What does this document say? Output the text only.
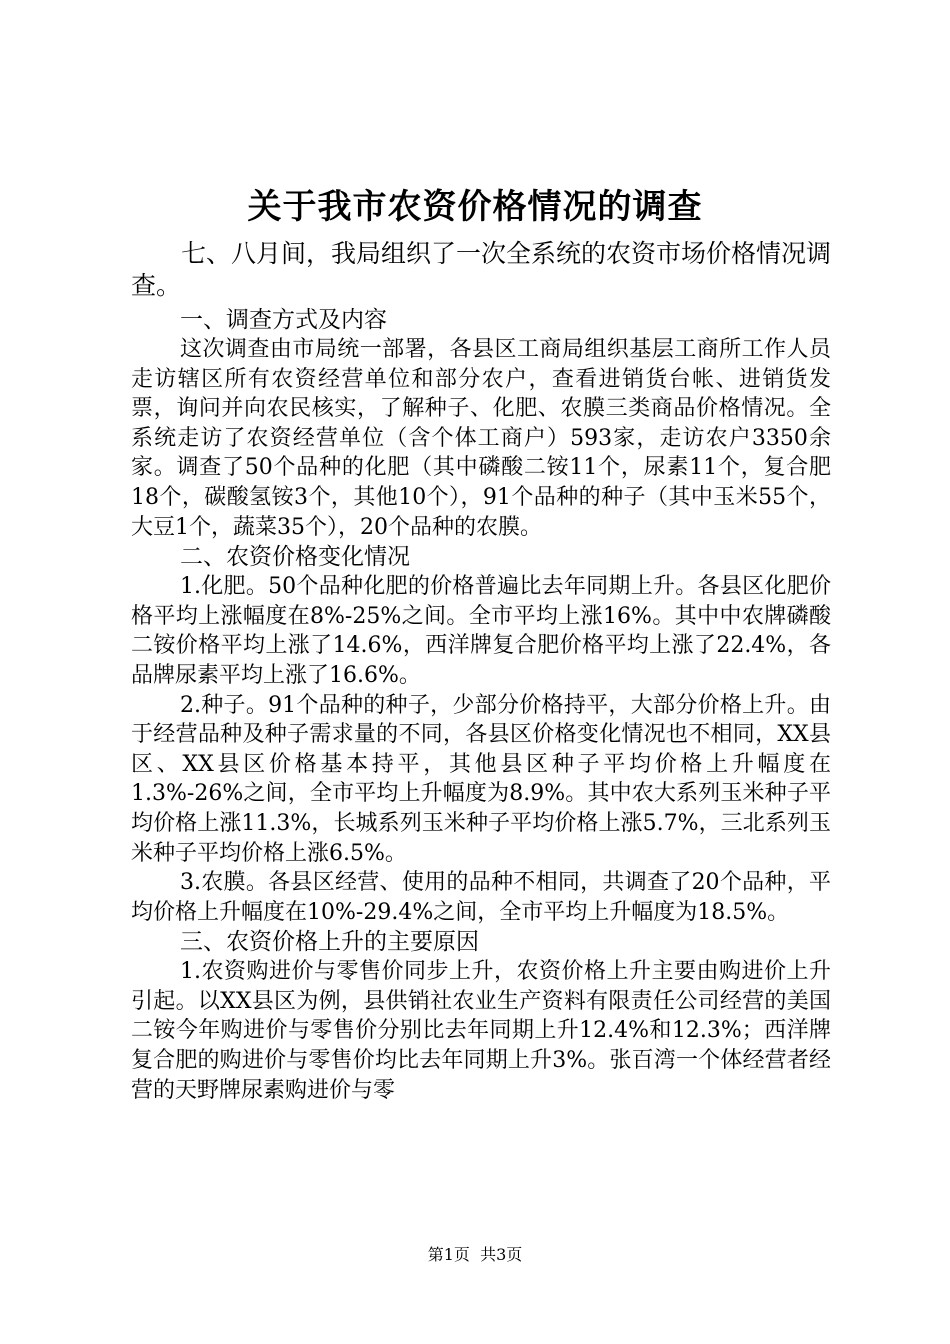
关于我市农资价格情况的调查

七、八月间，我局组织了一次全系统的农资市场价格情况调查。

一、调查方式及内容

这次调查由市局统一部署，各县区工商局组织基层工商所工作人员走访辖区所有农资经营单位和部分农户，查看进销货台帐、进销货发票，询问并向农民核实，了解种子、化肥、农膜三类商品价格情况。全系统走访了农资经营单位（含个体工商户）593家，走访农户3350余家。调查了50个品种的化肥（其中磷酸二铵11个，尿素11个，复合肥18个，碳酸氢铵3个，其他10个），91个品种的种子（其中玉米55个，大豆1个，蔬菜35个），20个品种的农膜。

二、农资价格变化情况

1.化肥。50个品种化肥的价格普遍比去年同期上升。各县区化肥价格平均上涨幅度在8%-25%之间。全市平均上涨16%。其中中农牌磷酸二铵价格平均上涨了14.6%，西洋牌复合肥价格平均上涨了22.4%，各品牌尿素平均上涨了16.6%。

2.种子。91个品种的种子，少部分价格持平，大部分价格上升。由于经营品种及种子需求量的不同，各县区价格变化情况也不相同，XX县区、XX县区价格基本持平，其他县区种子平均价格上升幅度在1.3%-26%之间，全市平均上升幅度为8.9%。其中农大系列玉米种子平均价格上涨11.3%，长城系列玉米种子平均价格上涨5.7%，三北系列玉米种子平均价格上涨6.5%。

3.农膜。各县区经营、使用的品种不相同，共调查了20个品种，平均价格上升幅度在10%-29.4%之间，全市平均上升幅度为18.5%。

三、农资价格上升的主要原因

1.农资购进价与零售价同步上升，农资价格上升主要由购进价上升引起。以XX县区为例，县供销社农业生产资料有限责任公司经营的美国二铵今年购进价与零售价分别比去年同期上升12.4%和12.3%；西洋牌复合肥的购进价与零售价均比去年同期上升3%。张百湾一个体经营者经营的天野牌尿素购进价与零

第1页  共3页
